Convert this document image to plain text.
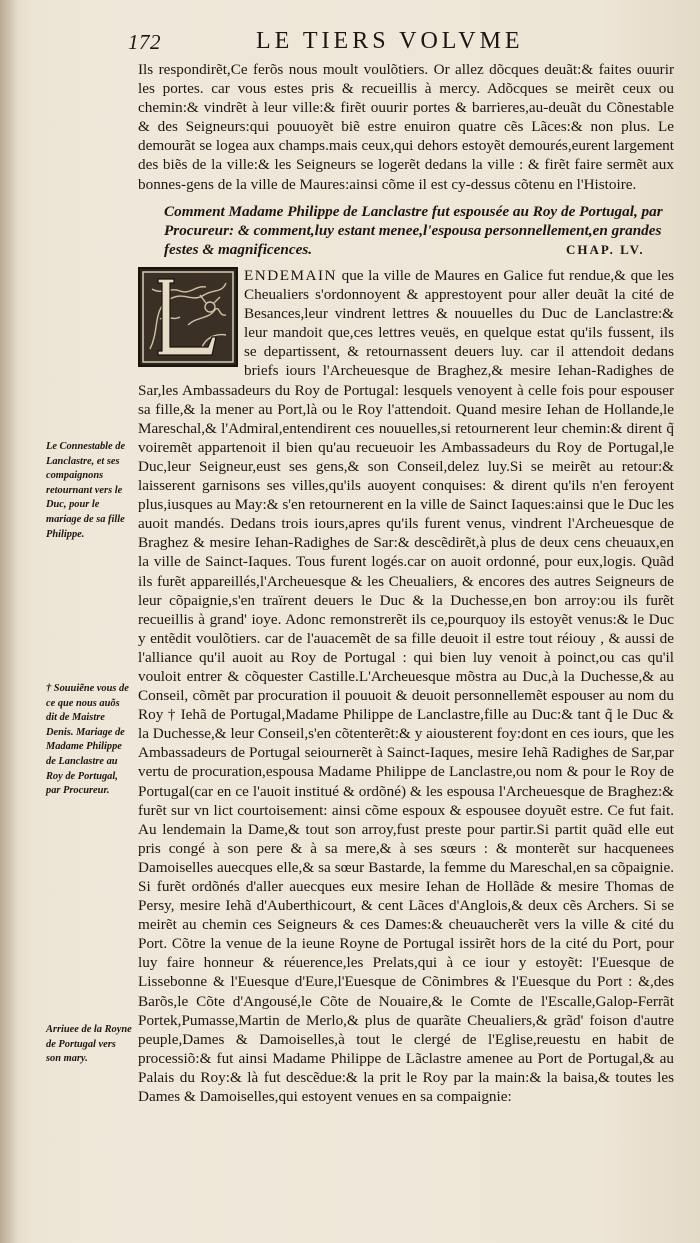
172	LE TIERS VOLVME

Ils respondirẽt,Ce ferõs nous moult voulõtiers. Or allez dõcques deuãt:& faites ouurir les portes. car vous estes pris & recueillis à mercy. Adõcques se meirẽt ceux ou chemin:& vindrẽt à leur ville:& firẽt ouurir portes & barrieres,au-deuãt du Cõnestable & des Seigneurs:qui pouuoyẽt biẽ estre enuiron quatre cẽs Lãces:& non plus. Le demourãt se logea aux champs.mais ceux,qui dehors estoyẽt demourés,eurent largement des biẽs de la ville:& les Seigneurs se logerẽt dedans la ville : & firẽt faire sermẽt aux bonnes-gens de la ville de Maures:ainsi cõme il est cy-dessus cõtenu en l'Histoire.

Comment Madame Philippe de Lanclastre fut espousée au Roy de Portugal, par Procureur: & comment,luy estant menee,l'espousa personnellement,en grandes festes & magnificences.	CHAP. LV.
ENDEMAIN que la ville de Maures en Galice fut rendue,& que les Cheualiers s'ordonnoyent & apprestoyent pour aller deuãt la cité de Besances,leur vindrent lettres & nouuelles du Duc de Lanclastre:& leur mandoit que,ces lettres veuës, en quelque estat qu'ils fussent, ils se departissent, & retournassent deuers luy. car il attendoit dedans briefs iours l'Archeuesque de Braghez,& mesire Iehan-Radighes de Sar,les Ambassadeurs du Roy de Portugal: lesquels venoyent à celle fois pour espouser sa fille,& la mener au Port,là ou le Roy l'attendoit. Quand mesire Iehan de Hollande,le Mareschal,& l'Admiral,entendirent ces nouuelles,si retournerent leur chemin:& dirent q̃ voiremẽt appartenoit il bien qu'au recueuoir les Ambassadeurs du Roy de Portugal,le Duc,leur Seigneur,eust ses gens,& son Conseil,delez luy.Si se meirẽt au retour:& laisserent garnisons ses villes,qu'ils auoyent conquises: & dirent qu'ils n'en feroyent plus,iusques au May:& s'en retournerent en la ville de Sainct Iaques:ainsi que le Duc les auoit mandés. Dedans trois iours,apres qu'ils furent venus, vindrent l'Archeuesque de Braghez & mesire Iehan-Radighes de Sar:& descẽdirẽt,à plus de deux cens cheuaux,en la ville de Sainct-Iaques. Tous furent logés.car on auoit ordonné, pour eux,logis. Quãd ils furẽt appareillés,l'Archeuesque & les Cheualiers, & encores des autres Seigneurs de leur cõpaignie,s'en traïrent deuers le Duc & la Duchesse,en bon arroy:ou ils furẽt recueillis à grand' ioye. Adonc remonstrerẽt ils ce,pourquoy ils estoyẽt venus:& le Duc y entẽdit voulõtiers. car de l'auacemẽt de sa fille deuoit il estre tout réiouy , & aussi de l'alliance qu'il auoit au Roy de Portugal : qui bien luy venoit à poinct,ou cas qu'il vouloit entrer & cõquester Castille.L'Archeuesque mõstra au Duc,à la Duchesse,& au Conseil, cõmẽt par procuration il pouuoit & deuoit personnellemẽt espouser au nom du Roy † Iehã de Portugal,Madame Philippe de Lanclastre,fille au Duc:& tant q̃ le Duc & la Duchesse,& leur Conseil,s'en cõtenterẽt:& y aiousterent foy:dont en ces iours, que les Ambassadeurs de Portugal seiournerẽt à Sainct-Iaques, mesire Iehã Radighes de Sar,par vertu de procuration,espousa Madame Philippe de Lanclastre,ou nom & pour le Roy de Portugal(car en ce l'auoit institué & ordõné) & les espousa l'Archeuesque de Braghez:& furẽt sur vn lict courtoisement: ainsi cõme espoux & espousee doyuẽt estre. Ce fut fait. Au lendemain la Dame,& tout son arroy,fust preste pour partir.Si partit quãd elle eut pris congé à son pere & à sa mere,& à ses sœurs : & monterẽt sur hacquenees Damoiselles auecques elle,& sa sœur Bastarde, la femme du Mareschal,en sa cõpaignie. Si furẽt ordõnés d'aller auecques eux mesire Iehan de Hollãde & mesire Thomas de Persy, mesire Iehã d'Auberthicourt, & cent Lãces d'Anglois,& deux cẽs Archers. Si se meirẽt au chemin ces Seigneurs & ces Dames:& cheuaucherẽt vers la ville & cité du Port. Cõtre la venue de la ieune Royne de Portugal issirẽt hors de la cité du Port, pour luy faire honneur & réuerence,les Prelats,qui à ce iour y estoyẽt: l'Euesque de Lissebonne & l'Euesque d'Eure,l'Euesque de Cõnimbres & l'Euesque du Port : &,des Barõs,le Cõte d'Angousé,le Cõte de Nouaire,& le Comte de l'Escalle,Galop-Ferrãt Portek,Pumasse,Martin de Merlo,& plus de quarãte Cheualiers,& grãd' foison d'autre peuple,Dames & Damoiselles,à tout le clergé de l'Eglise,reuestu en habit de processiõ:& fut ainsi Madame Philippe de Lãclastre amenee au Port de Portugal,& au Palais du Roy:& là fut descẽdue:& la prit le Roy par la main:& la baisa,& toutes les Dames & Damoiselles,qui estoyent venues en sa compaignie:
Le Connestable de Lanclastre, et ses compaignons retournant vers le Duc, pour le mariage de sa fille Philippe.
† Souuiẽne vous de ce que nous auõs dit de Maistre Denis. Mariage de Madame Philippe de Lanclastre au Roy de Portugal, par Procureur.
Arriuee de la Royne de Portugal vers son mary.
